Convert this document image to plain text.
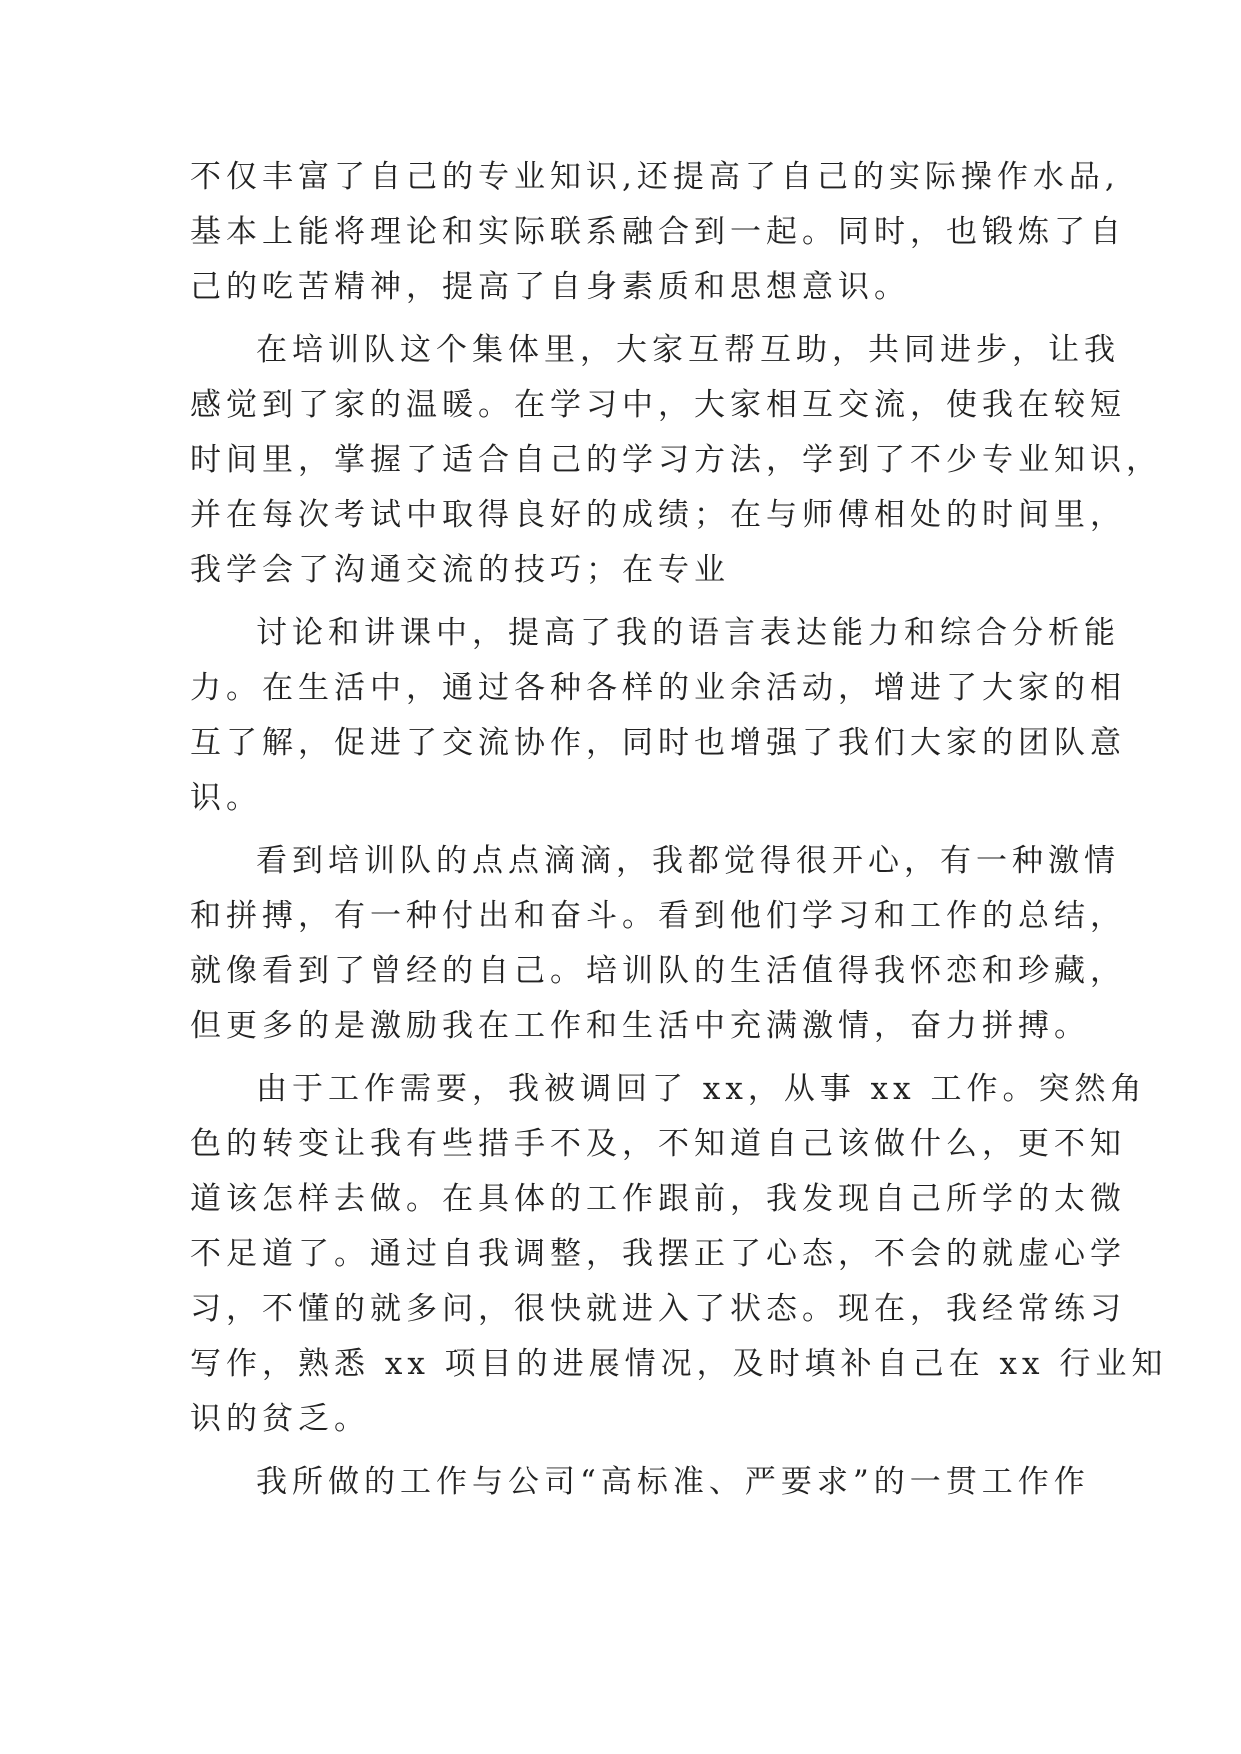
不仅丰富了自己的专业知识,还提高了自己的实际操作水品,
基本上能将理论和实际联系融合到一起。同时，也锻炼了自
己的吃苦精神，提高了自身素质和思想意识。
在培训队这个集体里，大家互帮互助，共同进步，让我
感觉到了家的温暖。在学习中，大家相互交流，使我在较短
时间里，掌握了适合自己的学习方法，学到了不少专业知识，
并在每次考试中取得良好的成绩；在与师傅相处的时间里，
我学会了沟通交流的技巧；在专业
讨论和讲课中，提高了我的语言表达能力和综合分析能
力。在生活中，通过各种各样的业余活动，增进了大家的相
互了解，促进了交流协作，同时也增强了我们大家的团队意
识。
看到培训队的点点滴滴，我都觉得很开心，有一种激情
和拼搏，有一种付出和奋斗。看到他们学习和工作的总结，
就像看到了曾经的自己。培训队的生活值得我怀恋和珍藏，
但更多的是激励我在工作和生活中充满激情，奋力拼搏。
由于工作需要，我被调回了 xx，从事 xx 工作。突然角
色的转变让我有些措手不及，不知道自己该做什么，更不知
道该怎样去做。在具体的工作跟前，我发现自己所学的太微
不足道了。通过自我调整，我摆正了心态，不会的就虚心学
习，不懂的就多问，很快就进入了状态。现在，我经常练习
写作，熟悉 xx 项目的进展情况，及时填补自己在 xx 行业知
识的贫乏。
我所做的工作与公司“高标准、严要求”的一贯工作作
